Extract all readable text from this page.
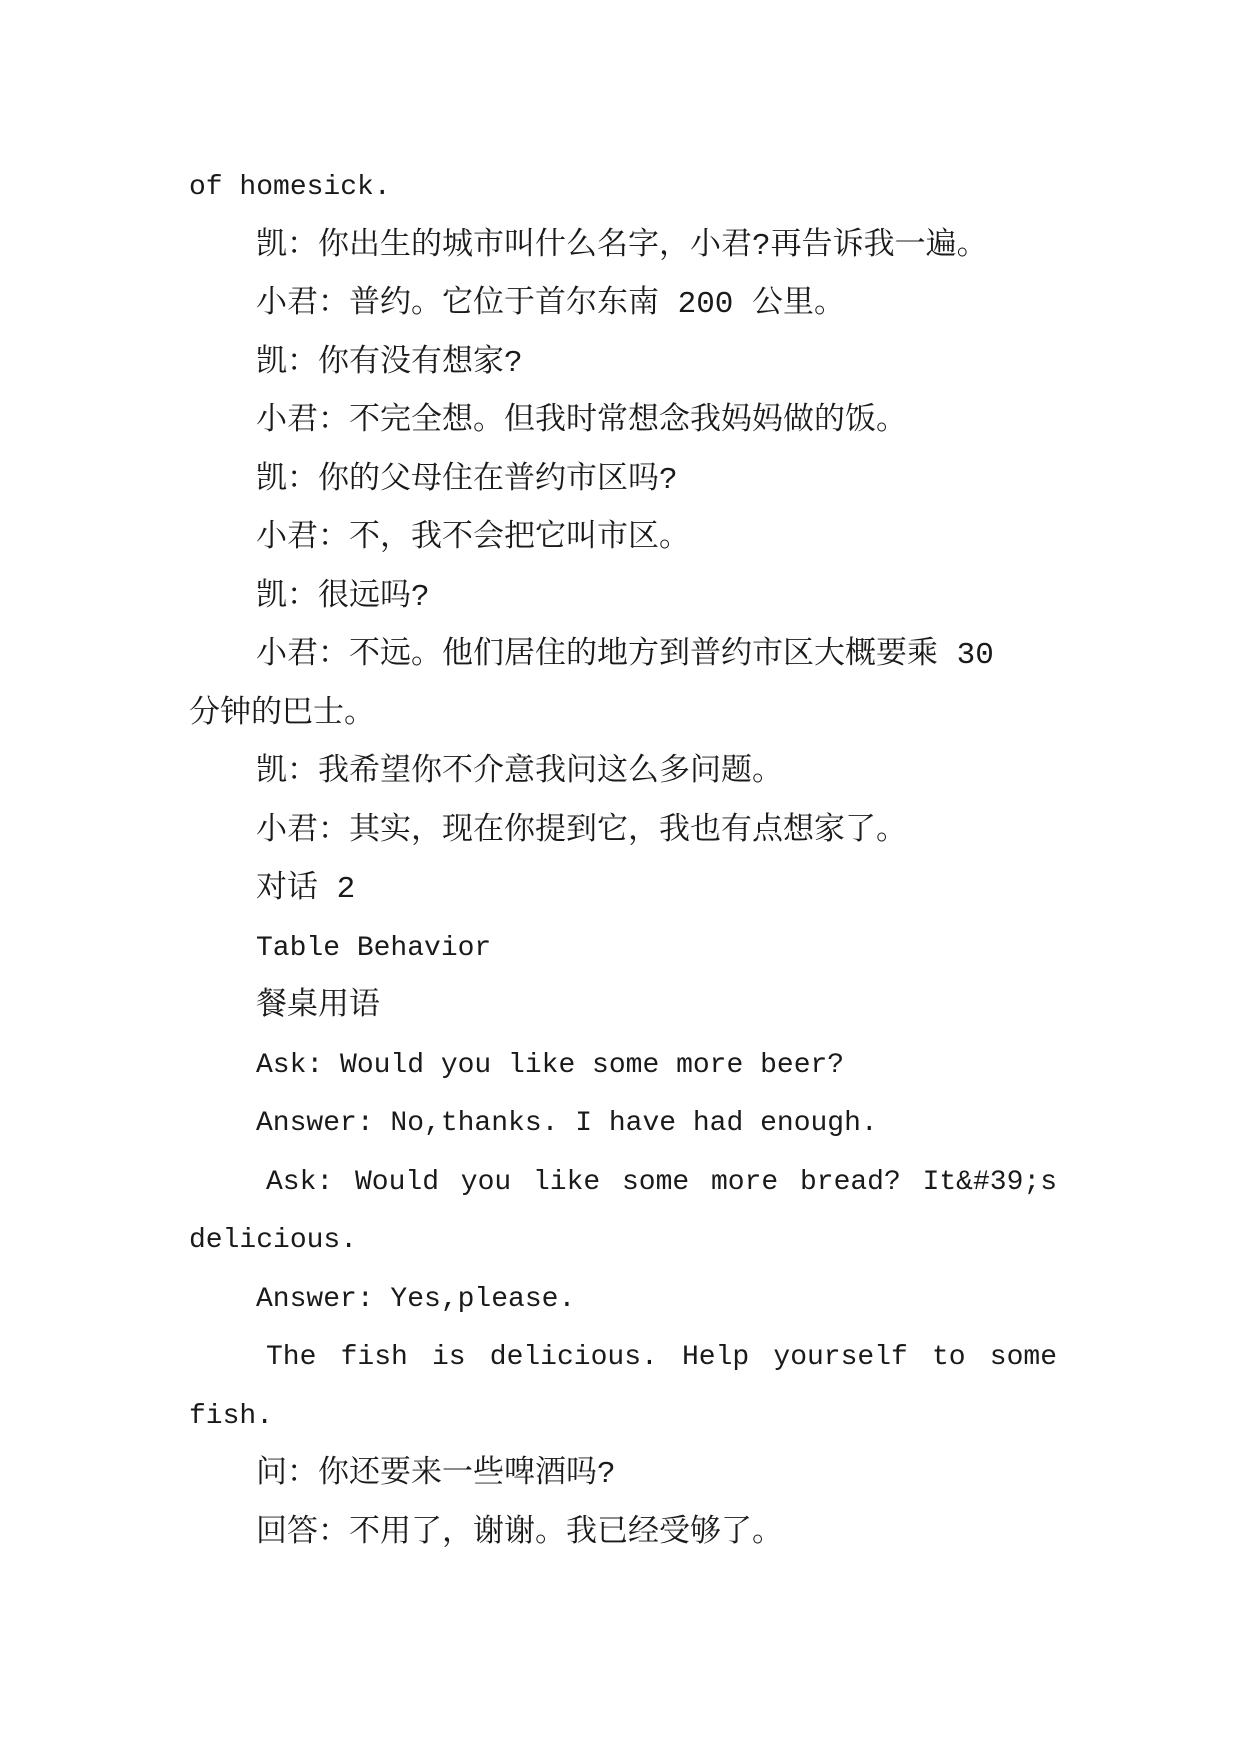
of homesick.
凯：你出生的城市叫什么名字，小君?再告诉我一遍。
小君：普约。它位于首尔东南 200 公里。
凯：你有没有想家?
小君：不完全想。但我时常想念我妈妈做的饭。
凯：你的父母住在普约市区吗?
小君：不，我不会把它叫市区。
凯：很远吗?
小君：不远。他们居住的地方到普约市区大概要乘 30
分钟的巴士。
凯：我希望你不介意我问这么多问题。
小君：其实，现在你提到它，我也有点想家了。
对话 2
Table Behavior
餐桌用语
Ask: Would you like some more beer?
Answer: No,thanks. I have had enough.
Ask: Would you like some more bread? It&#39;s
delicious.
Answer: Yes,please.
The fish is delicious. Help yourself to some
fish.
问：你还要来一些啤酒吗?
回答：不用了，谢谢。我已经受够了。
